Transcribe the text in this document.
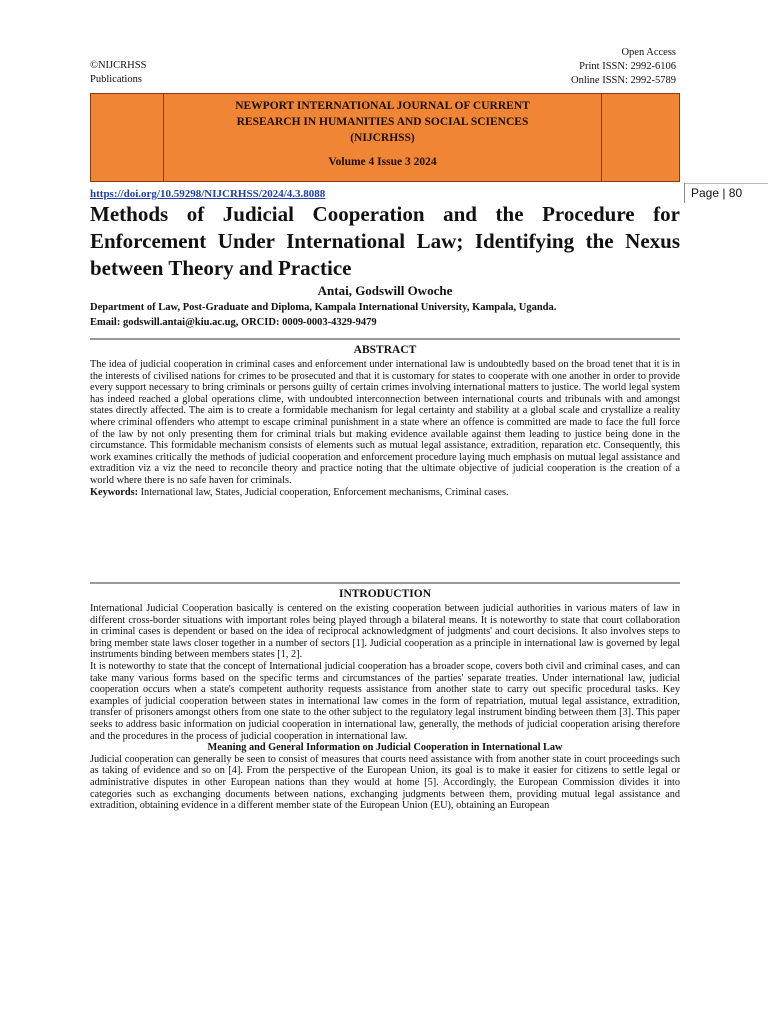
©NIJCRHSS
Publications
Open Access
Print ISSN: 2992-6106
Online ISSN: 2992-5789
NEWPORT INTERNATIONAL JOURNAL OF CURRENT
RESEARCH IN HUMANITIES AND SOCIAL SCIENCES
(NIJCRHSS)
Volume 4 Issue 3 2024
https://doi.org/10.59298/NIJCRHSS/2024/4.3.8088	Page | 80
Methods of Judicial Cooperation and the Procedure for Enforcement Under International Law; Identifying the Nexus between Theory and Practice
Antai, Godswill Owoche
Department of Law, Post-Graduate and Diploma, Kampala International University, Kampala, Uganda.
Email: godswill.antai@kiu.ac.ug, ORCID: 0009-0003-4329-9479
ABSTRACT

The idea of judicial cooperation in criminal cases and enforcement under international law is undoubtedly based on the broad tenet that it is in the interests of civilised nations for crimes to be prosecuted and that it is customary for states to cooperate with one another in order to provide every support necessary to bring criminals or persons guilty of certain crimes involving international matters to justice. The world legal system has indeed reached a global operations clime, with undoubted interconnection between international courts and tribunals with and amongst states directly affected. The aim is to create a formidable mechanism for legal certainty and stability at a global scale and crystallize a reality where criminal offenders who attempt to escape criminal punishment in a state where an offence is committed are made to face the full force of the law by not only presenting them for criminal trials but making evidence available against them leading to justice being done in the circumstance. This formidable mechanism consists of elements such as mutual legal assistance, extradition, reparation etc. Consequently, this work examines critically the methods of judicial cooperation and enforcement procedure laying much emphasis on mutual legal assistance and extradition viz a viz the need to reconcile theory and practice noting that the ultimate objective of judicial cooperation is the creation of a world where there is no safe haven for criminals.

Keywords: International law, States, Judicial cooperation, Enforcement mechanisms, Criminal cases.

INTRODUCTION

International Judicial Cooperation basically is centered on the existing cooperation between judicial authorities in various maters of law in different cross-border situations with important roles being played through a bilateral means. It is noteworthy to state that court collaboration in criminal cases is dependent or based on the idea of reciprocal acknowledgment of judgments' and court decisions. It also involves steps to bring member state laws closer together in a number of sectors [1]. Judicial cooperation as a principle in international law is governed by legal instruments binding between members states [1, 2].

It is noteworthy to state that the concept of International judicial cooperation has a broader scope, covers both civil and criminal cases, and can take many various forms based on the specific terms and circumstances of the parties' separate treaties. Under international law, judicial cooperation occurs when a state's competent authority requests assistance from another state to carry out specific procedural tasks. Key examples of judicial cooperation between states in international law comes in the form of repatriation, mutual legal assistance, extradition, transfer of prisoners amongst others from one state to the other subject to the regulatory legal instrument binding between them [3]. This paper seeks to address basic information on judicial cooperation in international law, generally, the methods of judicial cooperation arising therefore and the procedures in the process of judicial cooperation in international law.

Meaning and General Information on Judicial Cooperation in International Law

Judicial cooperation can generally be seen to consist of measures that courts need assistance with from another state in court proceedings such as taking of evidence and so on [4]. From the perspective of the European Union, its goal is to make it easier for citizens to settle legal or administrative disputes in other European nations than they would at home [5]. Accordingly, the European Commission divides it into categories such as exchanging documents between nations, exchanging judgments between them, providing mutual legal assistance and extradition, obtaining evidence in a different member state of the European Union (EU), obtaining an European
